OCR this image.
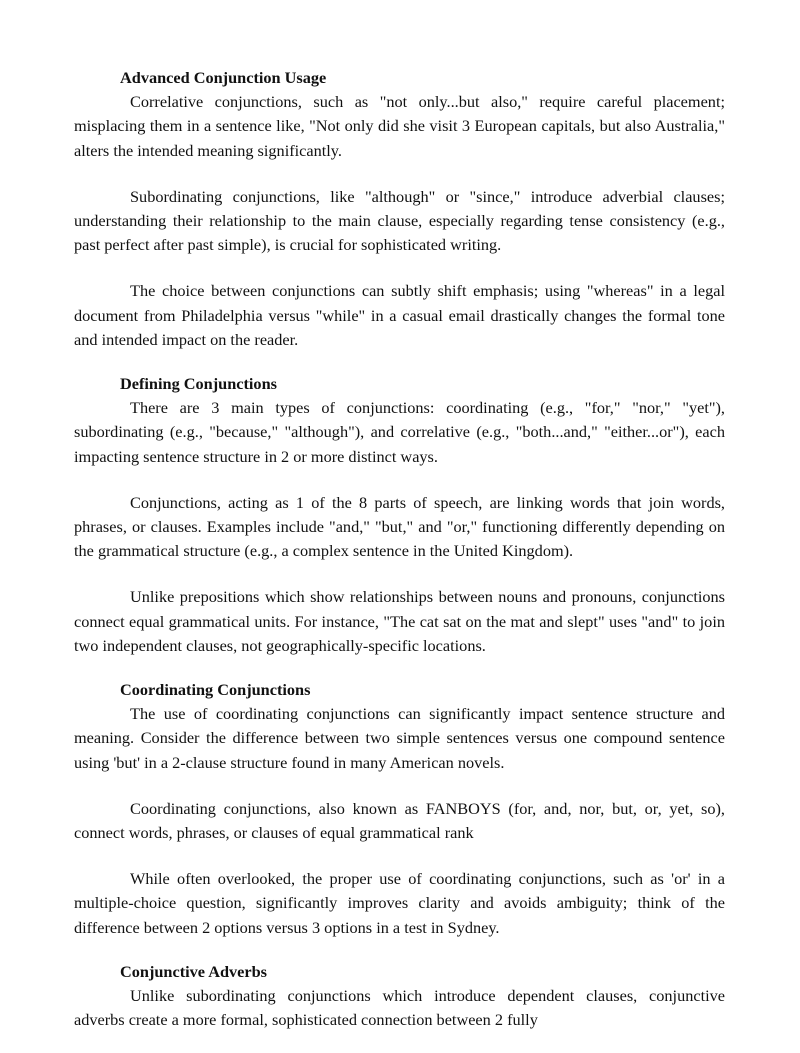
Advanced Conjunction Usage

Correlative conjunctions, such as "not only...but also," require careful placement; misplacing them in a sentence like, "Not only did she visit 3 European capitals, but also Australia," alters the intended meaning significantly.

Subordinating conjunctions, like "although" or "since," introduce adverbial clauses; understanding their relationship to the main clause, especially regarding tense consistency (e.g., past perfect after past simple), is crucial for sophisticated writing.

The choice between conjunctions can subtly shift emphasis; using "whereas" in a legal document from Philadelphia versus "while" in a casual email drastically changes the formal tone and intended impact on the reader.

Defining Conjunctions

There are 3 main types of conjunctions: coordinating (e.g., "for," "nor," "yet"), subordinating (e.g., "because," "although"), and correlative (e.g., "both...and," "either...or"), each impacting sentence structure in 2 or more distinct ways.

Conjunctions, acting as 1 of the 8 parts of speech, are linking words that join words, phrases, or clauses. Examples include "and," "but," and "or," functioning differently depending on the grammatical structure (e.g., a complex sentence in the United Kingdom).

Unlike prepositions which show relationships between nouns and pronouns, conjunctions connect equal grammatical units. For instance, "The cat sat on the mat and slept" uses "and" to join two independent clauses, not geographically-specific locations.

Coordinating Conjunctions

The use of coordinating conjunctions can significantly impact sentence structure and meaning. Consider the difference between two simple sentences versus one compound sentence using 'but' in a 2-clause structure found in many American novels.

Coordinating conjunctions, also known as FANBOYS (for, and, nor, but, or, yet, so), connect words, phrases, or clauses of equal grammatical rank

While often overlooked, the proper use of coordinating conjunctions, such as 'or' in a multiple-choice question, significantly improves clarity and avoids ambiguity; think of the difference between 2 options versus 3 options in a test in Sydney.

Conjunctive Adverbs

Unlike subordinating conjunctions which introduce dependent clauses, conjunctive adverbs create a more formal, sophisticated connection between 2 fully
